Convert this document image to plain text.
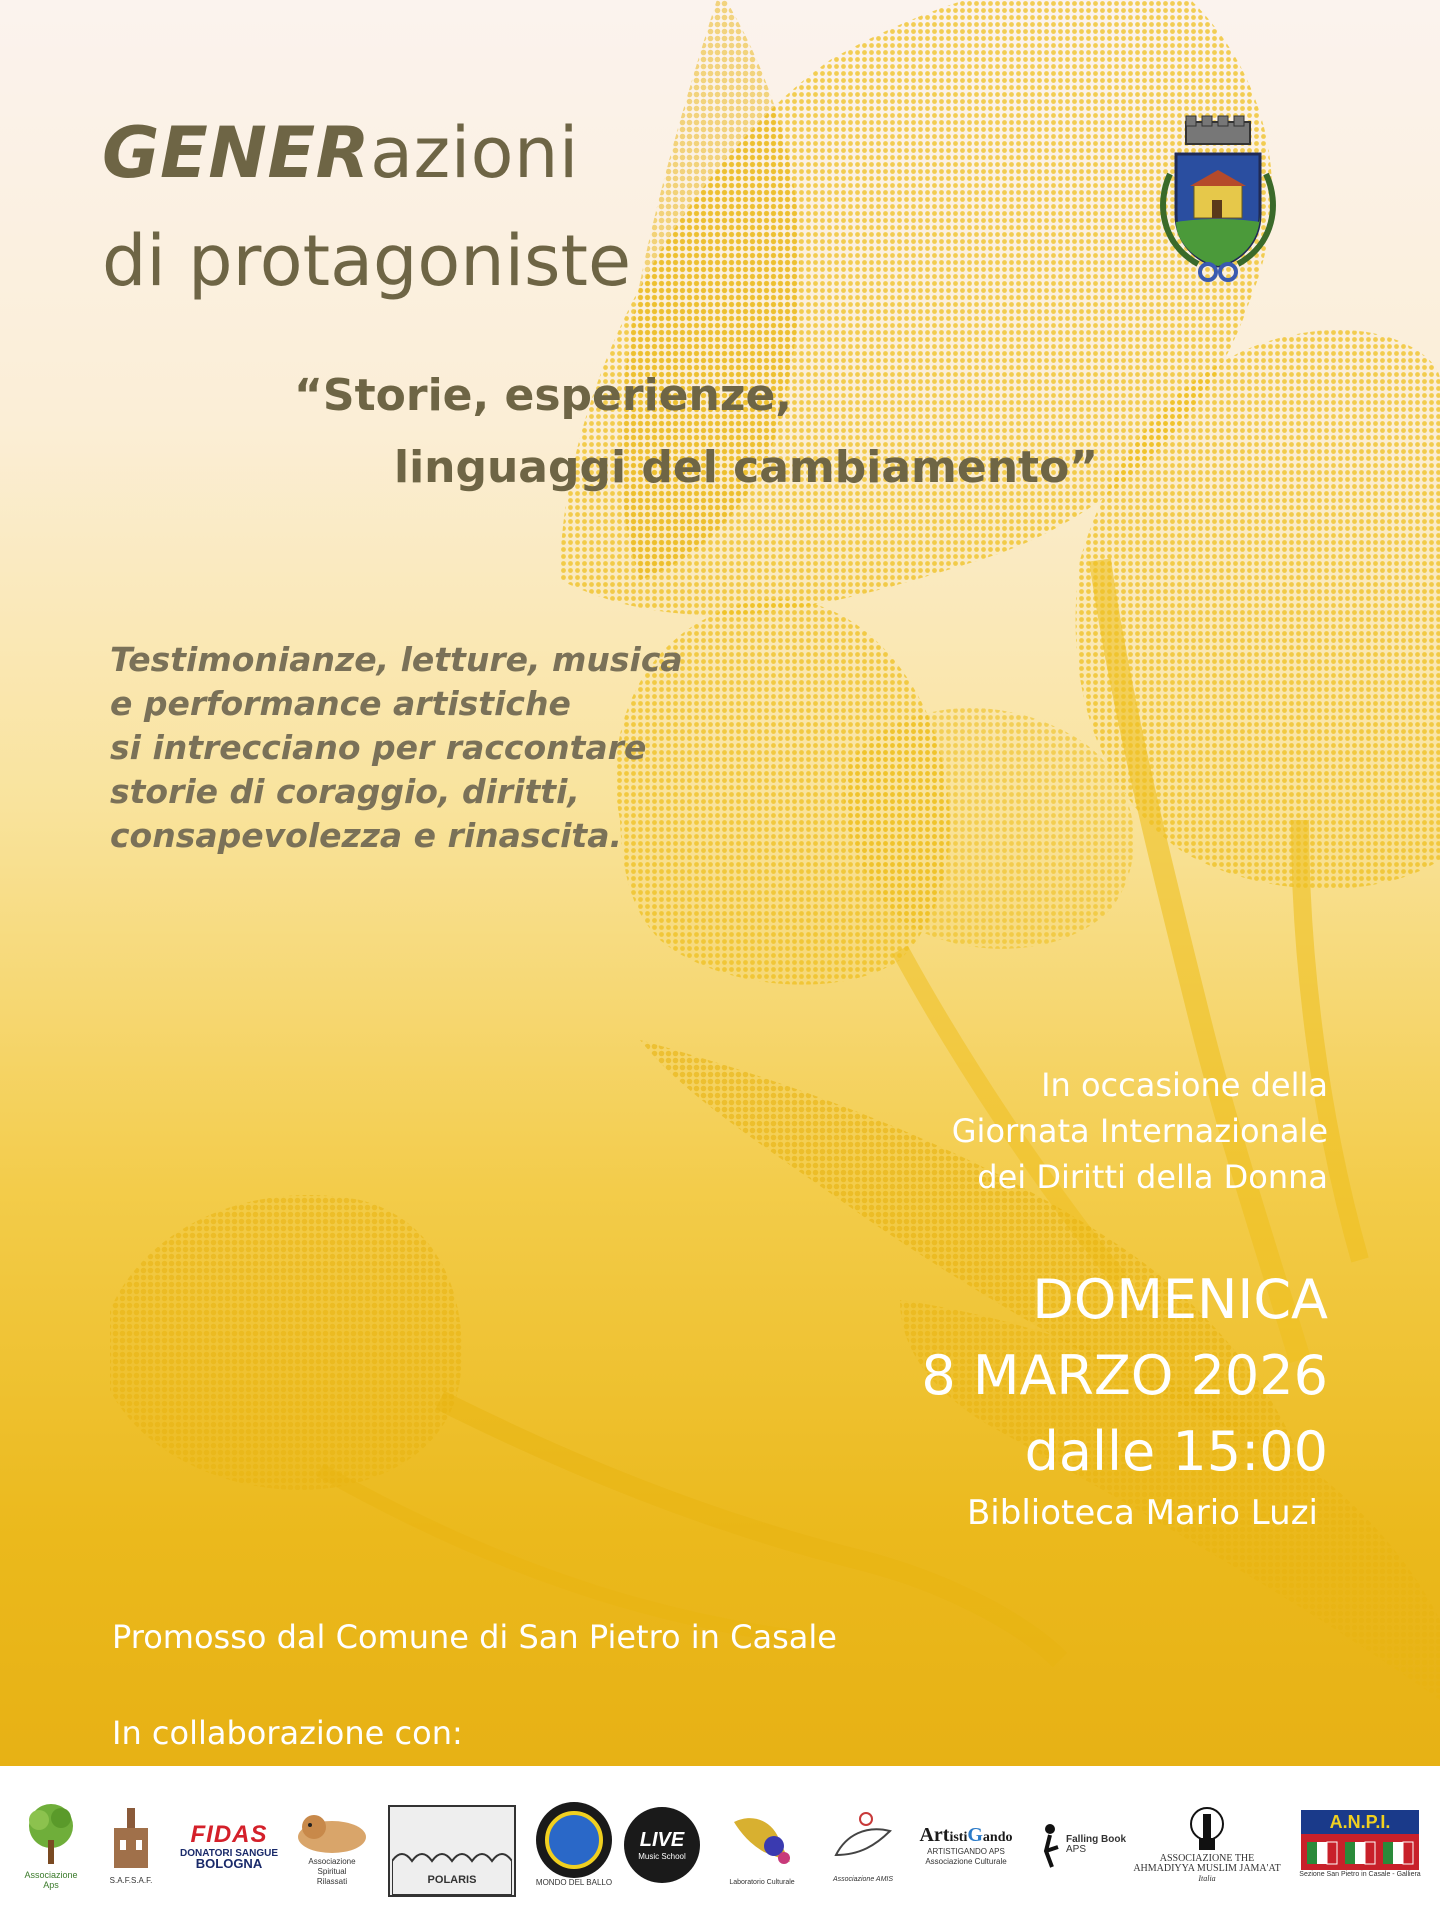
GENERazioni
di protagoniste
“Storie, esperienze,
linguaggi del cambiamento”
Testimonianze, letture, musica
e performance artistiche
si intrecciano per raccontare
storie di coraggio, diritti,
consapevolezza e rinascita.
In occasione della
Giornata Internazionale
dei Diritti della Donna
DOMENICA
8 MARZO 2026
dalle 15:00
Biblioteca Mario Luzi
Promosso dal Comune di San Pietro in Casale
In collaborazione con:
Associazione
Aps	S.A.F.S.A.F.
FIDAS
DONATORI SANGUE
BOLOGNA	Associazione
Spiritual
Rilassati	POLARIS	MONDO DEL BALLO
LIVE
Music School
Laboratorio Culturale	Associazione AMIS
ArtistiGando
ARTISTIGANDO APS
Associazione Culturale
Falling Book
APS
ASSOCIAZIONE THE
AHMADIYYA MUSLIM JAMA'AT
Italia
A.N.P.I.
Sezione San Pietro in Casale - Galliera
